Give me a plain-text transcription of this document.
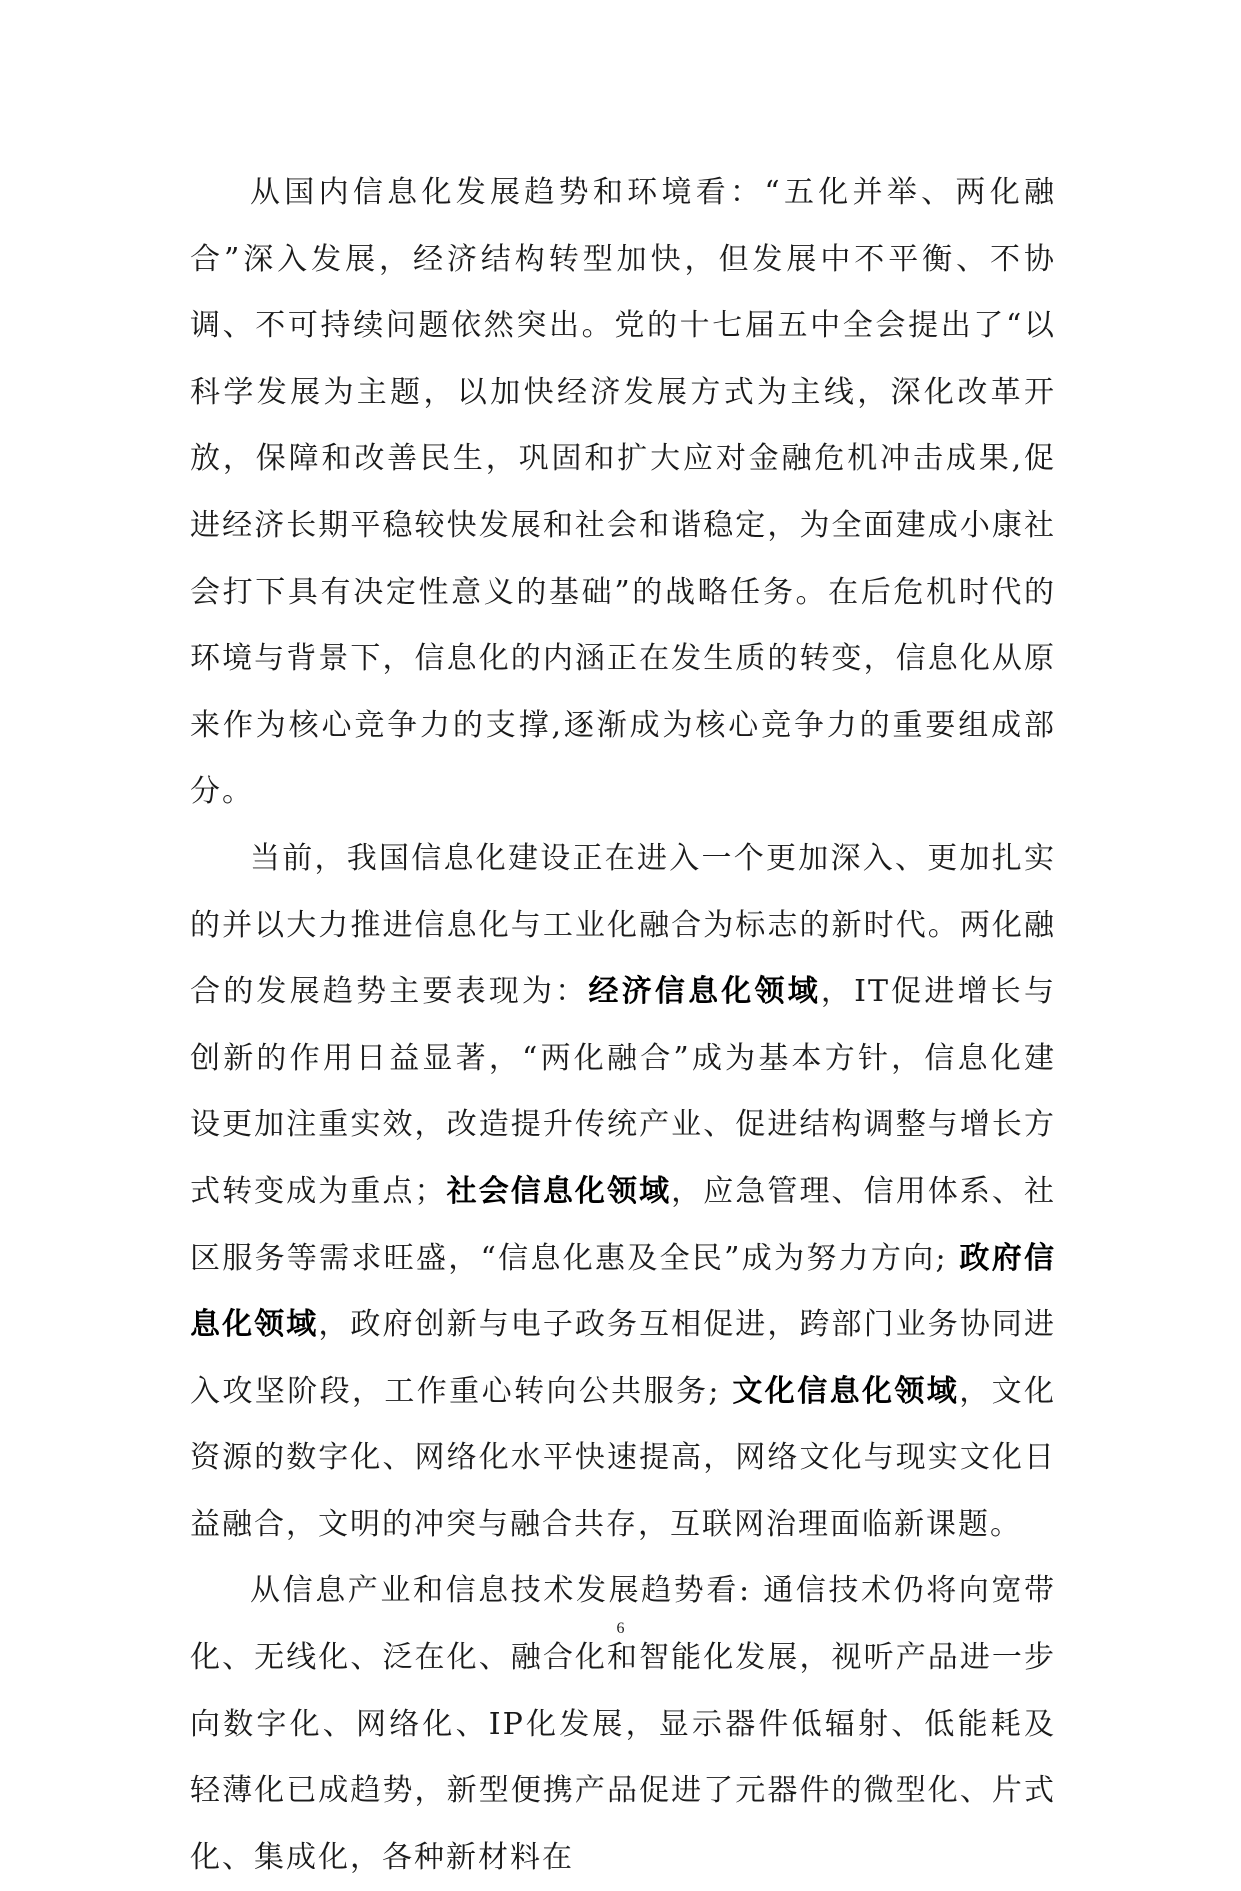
从国内信息化发展趋势和环境看：“五化并举、两化融合”深入发展，经济结构转型加快，但发展中不平衡、不协调、不可持续问题依然突出。党的十七届五中全会提出了“以科学发展为主题，以加快经济发展方式为主线，深化改革开放，保障和改善民生，巩固和扩大应对金融危机冲击成果,促进经济长期平稳较快发展和社会和谐稳定，为全面建成小康社会打下具有决定性意义的基础”的战略任务。在后危机时代的环境与背景下，信息化的内涵正在发生质的转变，信息化从原来作为核心竞争力的支撑,逐渐成为核心竞争力的重要组成部分。

当前，我国信息化建设正在进入一个更加深入、更加扎实的并以大力推进信息化与工业化融合为标志的新时代。两化融合的发展趋势主要表现为：经济信息化领域，IT促进增长与创新的作用日益显著，“两化融合”成为基本方针，信息化建设更加注重实效，改造提升传统产业、促进结构调整与增长方式转变成为重点；社会信息化领域，应急管理、信用体系、社区服务等需求旺盛，“信息化惠及全民”成为努力方向; 政府信息化领域，政府创新与电子政务互相促进，跨部门业务协同进入攻坚阶段，工作重心转向公共服务; 文化信息化领域，文化资源的数字化、网络化水平快速提高，网络文化与现实文化日益融合，文明的冲突与融合共存，互联网治理面临新课题。

从信息产业和信息技术发展趋势看: 通信技术仍将向宽带化、无线化、泛在化、融合化和智能化发展，视听产品进一步向数字化、网络化、IP化发展，显示器件低辐射、低能耗及轻薄化已成趋势，新型便携产品促进了元器件的微型化、片式化、集成化，各种新材料在

6
